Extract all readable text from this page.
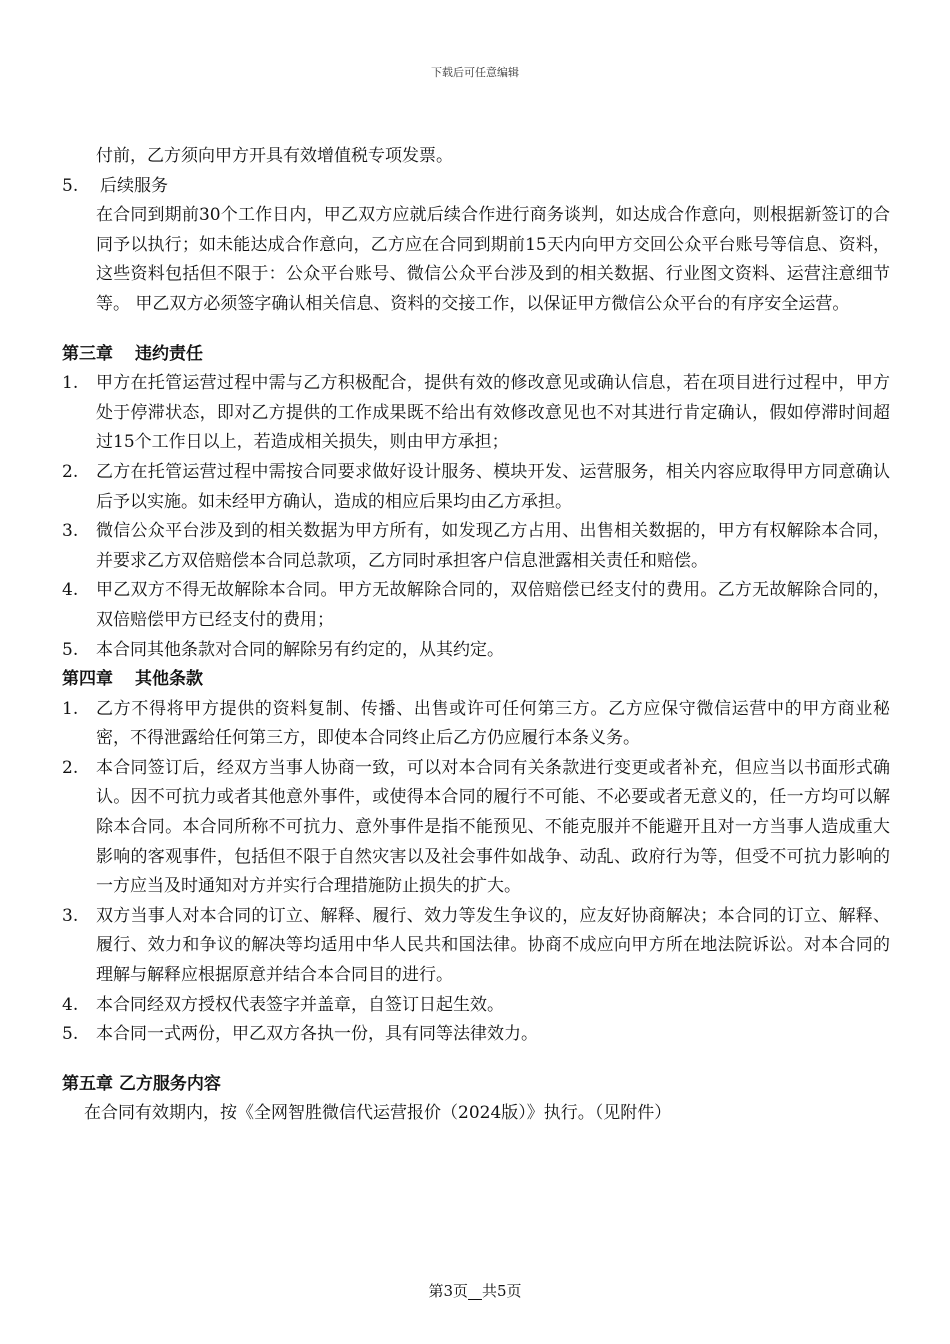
下载后可任意编辑

付前，乙方须向甲方开具有效增值税专项发票。

5.	后续服务

在合同到期前30个工作日内，甲乙双方应就后续合作进行商务谈判，如达成合作意向，则根据新签订的合同予以执行；如未能达成合作意向，乙方应在合同到期前15天内向甲方交回公众平台账号等信息、资料，这些资料包括但不限于：公众平台账号、微信公众平台涉及到的相关数据、行业图文资料、运营注意细节等。 甲乙双方必须签字确认相关信息、资料的交接工作，以保证甲方微信公众平台的有序安全运营。

第三章 违约责任

1.	甲方在托管运营过程中需与乙方积极配合，提供有效的修改意见或确认信息，若在项目进行过程中，甲方处于停滞状态，即对乙方提供的工作成果既不给出有效修改意见也不对其进行肯定确认，假如停滞时间超过15个工作日以上，若造成相关损失，则由甲方承担；
2.	乙方在托管运营过程中需按合同要求做好设计服务、模块开发、运营服务，相关内容应取得甲方同意确认后予以实施。如未经甲方确认，造成的相应后果均由乙方承担。
3.	微信公众平台涉及到的相关数据为甲方所有，如发现乙方占用、出售相关数据的，甲方有权解除本合同，并要求乙方双倍赔偿本合同总款项，乙方同时承担客户信息泄露相关责任和赔偿。
4.	甲乙双方不得无故解除本合同。甲方无故解除合同的，双倍赔偿已经支付的费用。乙方无故解除合同的，双倍赔偿甲方已经支付的费用；
5.	本合同其他条款对合同的解除另有约定的，从其约定。

第四章 其他条款

1.	乙方不得将甲方提供的资料复制、传播、出售或许可任何第三方。乙方应保守微信运营中的甲方商业秘密，不得泄露给任何第三方，即使本合同终止后乙方仍应履行本条义务。
2.	本合同签订后，经双方当事人协商一致，可以对本合同有关条款进行变更或者补充，但应当以书面形式确认。因不可抗力或者其他意外事件，或使得本合同的履行不可能、不必要或者无意义的，任一方均可以解除本合同。本合同所称不可抗力、意外事件是指不能预见、不能克服并不能避开且对一方当事人造成重大影响的客观事件，包括但不限于自然灾害以及社会事件如战争、动乱、政府行为等，但受不可抗力影响的一方应当及时通知对方并实行合理措施防止损失的扩大。
3.	双方当事人对本合同的订立、解释、履行、效力等发生争议的，应友好协商解决；本合同的订立、解释、履行、效力和争议的解决等均适用中华人民共和国法律。协商不成应向甲方所在地法院诉讼。对本合同的理解与解释应根据原意并结合本合同目的进行。
4.	本合同经双方授权代表签字并盖章，自签订日起生效。
5.	本合同一式两份，甲乙双方各执一份，具有同等法律效力。

第五章 乙方服务内容

在合同有效期内，按《全网智胜微信代运营报价（2024版）》执行。（见附件）

第3页 共5页
